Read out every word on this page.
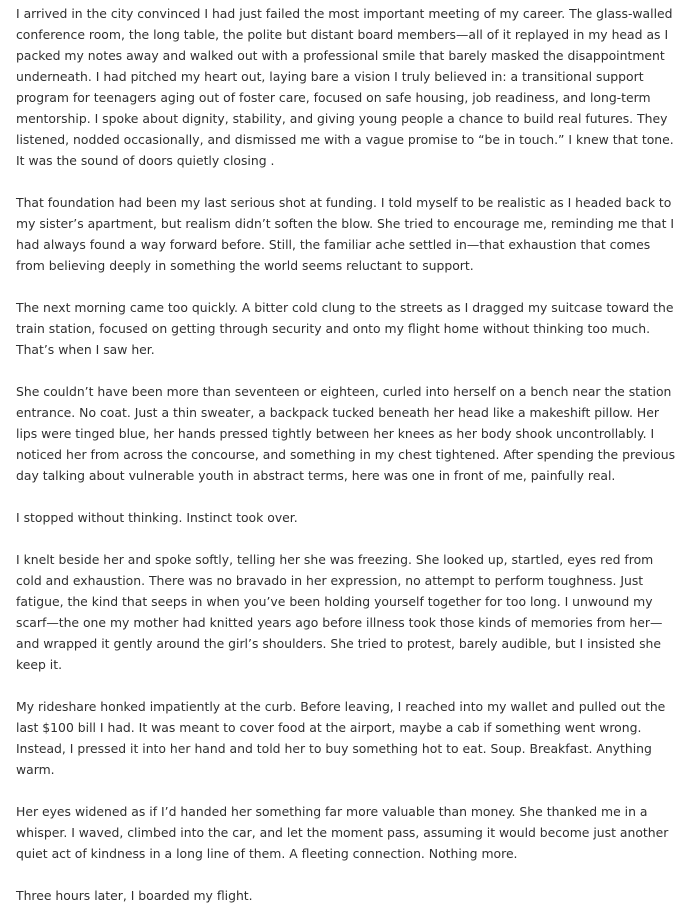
I arrived in the city convinced I had just failed the most important meeting of my career. The glass-walled conference room, the long table, the polite but distant board members—all of it replayed in my head as I packed my notes away and walked out with a professional smile that barely masked the disappointment underneath. I had pitched my heart out, laying bare a vision I truly believed in: a transitional support program for teenagers aging out of foster care, focused on safe housing, job readiness, and long-term mentorship. I spoke about dignity, stability, and giving young people a chance to build real futures. They listened, nodded occasionally, and dismissed me with a vague promise to “be in touch.” I knew that tone. It was the sound of doors quietly closing .

That foundation had been my last serious shot at funding. I told myself to be realistic as I headed back to my sister’s apartment, but realism didn’t soften the blow. She tried to encourage me, reminding me that I had always found a way forward before. Still, the familiar ache settled in—that exhaustion that comes from believing deeply in something the world seems reluctant to support.

The next morning came too quickly. A bitter cold clung to the streets as I dragged my suitcase toward the train station, focused on getting through security and onto my flight home without thinking too much. That’s when I saw her.

She couldn’t have been more than seventeen or eighteen, curled into herself on a bench near the station entrance. No coat. Just a thin sweater, a backpack tucked beneath her head like a makeshift pillow. Her lips were tinged blue, her hands pressed tightly between her knees as her body shook uncontrollably. I noticed her from across the concourse, and something in my chest tightened. After spending the previous day talking about vulnerable youth in abstract terms, here was one in front of me, painfully real.

I stopped without thinking. Instinct took over.

I knelt beside her and spoke softly, telling her she was freezing. She looked up, startled, eyes red from cold and exhaustion. There was no bravado in her expression, no attempt to perform toughness. Just fatigue, the kind that seeps in when you’ve been holding yourself together for too long. I unwound my scarf—the one my mother had knitted years ago before illness took those kinds of memories from her—and wrapped it gently around the girl’s shoulders. She tried to protest, barely audible, but I insisted she keep it.

My rideshare honked impatiently at the curb. Before leaving, I reached into my wallet and pulled out the last $100 bill I had. It was meant to cover food at the airport, maybe a cab if something went wrong. Instead, I pressed it into her hand and told her to buy something hot to eat. Soup. Breakfast. Anything warm.

Her eyes widened as if I’d handed her something far more valuable than money. She thanked me in a whisper. I waved, climbed into the car, and let the moment pass, assuming it would become just another quiet act of kindness in a long line of them. A fleeting connection. Nothing more.

Three hours later, I boarded my flight.
